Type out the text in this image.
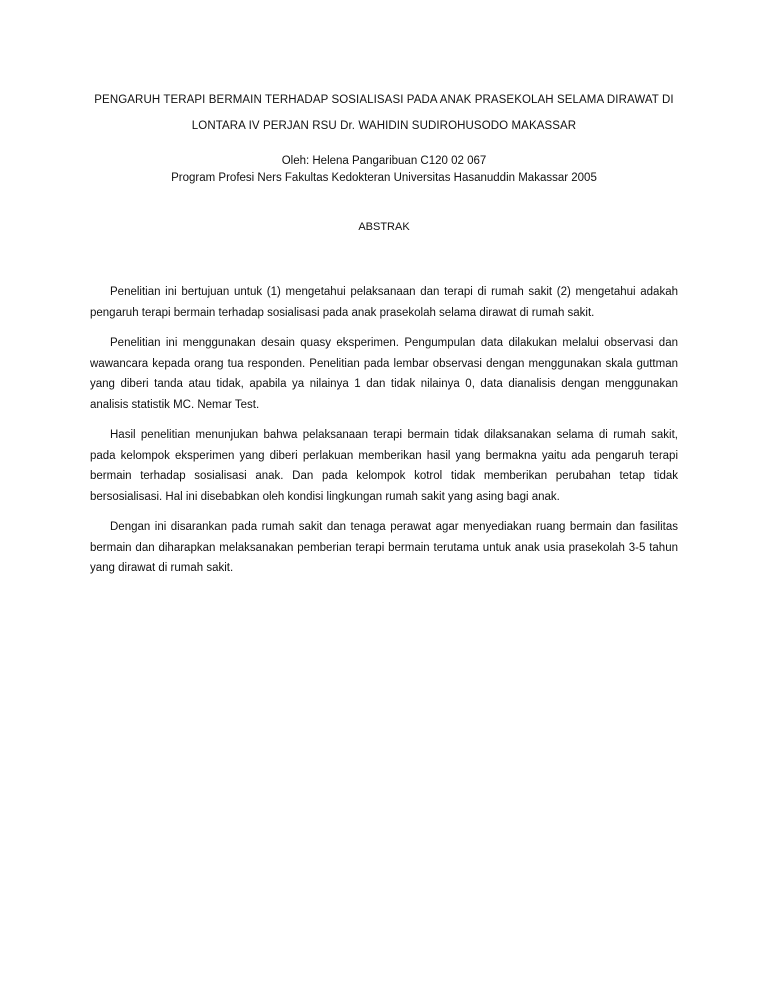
PENGARUH TERAPI BERMAIN TERHADAP SOSIALISASI PADA ANAK PRASEKOLAH SELAMA DIRAWAT DI
LONTARA IV PERJAN RSU Dr. WAHIDIN SUDIROHUSODO MAKASSAR
Oleh: Helena Pangaribuan C120 02 067
Program Profesi Ners Fakultas Kedokteran Universitas Hasanuddin Makassar 2005
ABSTRAK

Penelitian ini bertujuan untuk (1) mengetahui pelaksanaan dan terapi di rumah sakit (2) mengetahui adakah pengaruh terapi bermain terhadap sosialisasi pada anak prasekolah selama dirawat di rumah sakit.

Penelitian ini menggunakan desain quasy eksperimen. Pengumpulan data dilakukan melalui observasi dan wawancara kepada orang tua responden. Penelitian pada lembar observasi dengan menggunakan skala guttman yang diberi tanda atau tidak, apabila ya nilainya 1 dan tidak nilainya 0, data dianalisis dengan menggunakan analisis statistik MC. Nemar Test.

Hasil penelitian menunjukan bahwa pelaksanaan terapi bermain tidak dilaksanakan selama di rumah sakit, pada kelompok eksperimen yang diberi perlakuan memberikan hasil yang bermakna yaitu ada pengaruh terapi bermain terhadap sosialisasi anak. Dan pada kelompok kotrol tidak memberikan perubahan tetap tidak bersosialisasi. Hal ini disebabkan oleh kondisi lingkungan rumah sakit yang asing bagi anak.

Dengan ini disarankan pada rumah sakit dan tenaga perawat agar menyediakan ruang bermain dan fasilitas bermain dan diharapkan melaksanakan pemberian terapi bermain terutama untuk anak usia prasekolah 3-5 tahun yang dirawat di rumah sakit.
